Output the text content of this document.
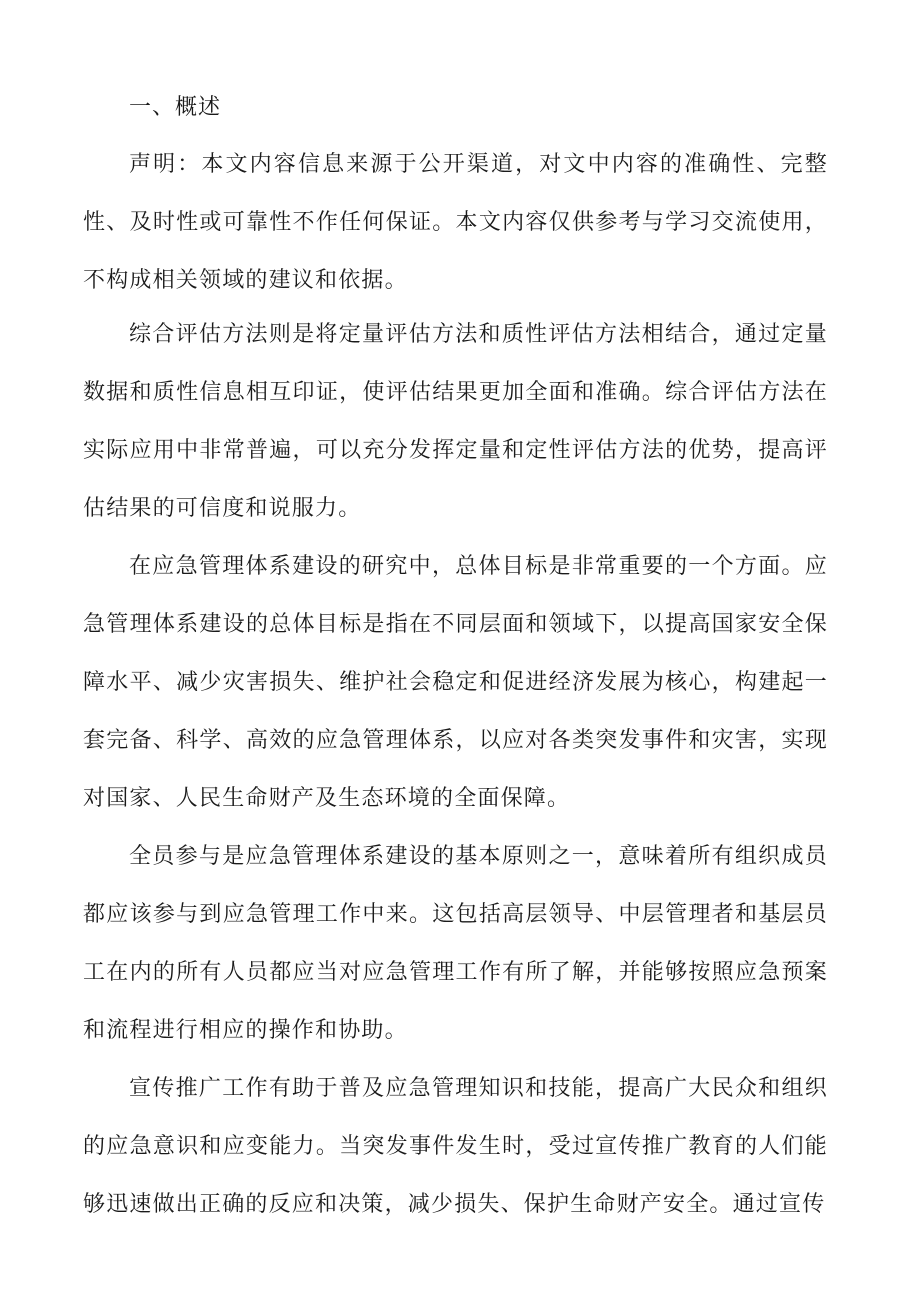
一、概述

声明：本文内容信息来源于公开渠道，对文中内容的准确性、完整性、及时性或可靠性不作任何保证。本文内容仅供参考与学习交流使用，不构成相关领域的建议和依据。

综合评估方法则是将定量评估方法和质性评估方法相结合，通过定量数据和质性信息相互印证，使评估结果更加全面和准确。综合评估方法在实际应用中非常普遍，可以充分发挥定量和定性评估方法的优势，提高评估结果的可信度和说服力。

在应急管理体系建设的研究中，总体目标是非常重要的一个方面。应急管理体系建设的总体目标是指在不同层面和领域下，以提高国家安全保障水平、减少灾害损失、维护社会稳定和促进经济发展为核心，构建起一套完备、科学、高效的应急管理体系，以应对各类突发事件和灾害，实现对国家、人民生命财产及生态环境的全面保障。

全员参与是应急管理体系建设的基本原则之一，意味着所有组织成员都应该参与到应急管理工作中来。这包括高层领导、中层管理者和基层员工在内的所有人员都应当对应急管理工作有所了解，并能够按照应急预案和流程进行相应的操作和协助。

宣传推广工作有助于普及应急管理知识和技能，提高广大民众和组织的应急意识和应变能力。当突发事件发生时，受过宣传推广教育的人们能够迅速做出正确的反应和决策，减少损失、保护生命财产安全。通过宣传
